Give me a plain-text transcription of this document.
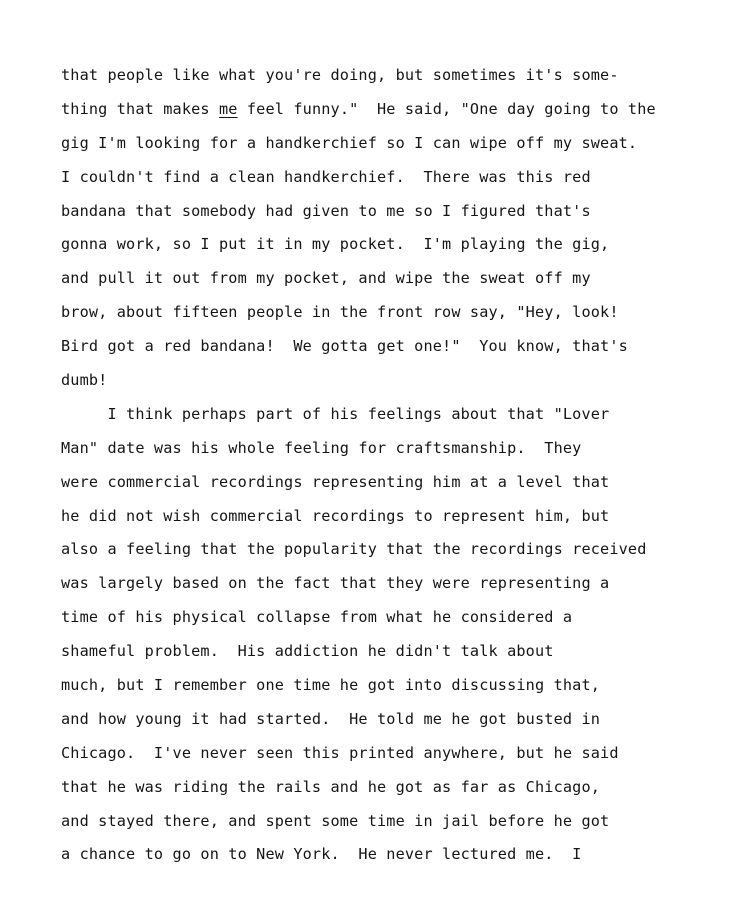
that people like what you're doing, but sometimes it's some-
thing that makes me feel funny."  He said, "One day going to the
gig I'm looking for a handkerchief so I can wipe off my sweat.
I couldn't find a clean handkerchief.  There was this red
bandana that somebody had given to me so I figured that's
gonna work, so I put it in my pocket.  I'm playing the gig,
and pull it out from my pocket, and wipe the sweat off my
brow, about fifteen people in the front row say, "Hey, look!
Bird got a red bandana!  We gotta get one!"  You know, that's
dumb!
I think perhaps part of his feelings about that "Lover
Man" date was his whole feeling for craftsmanship.  They
were commercial recordings representing him at a level that
he did not wish commercial recordings to represent him, but
also a feeling that the popularity that the recordings received
was largely based on the fact that they were representing a
time of his physical collapse from what he considered a
shameful problem.  His addiction he didn't talk about
much, but I remember one time he got into discussing that,
and how young it had started.  He told me he got busted in
Chicago.  I've never seen this printed anywhere, but he said
that he was riding the rails and he got as far as Chicago,
and stayed there, and spent some time in jail before he got
a chance to go on to New York.  He never lectured me.  I
